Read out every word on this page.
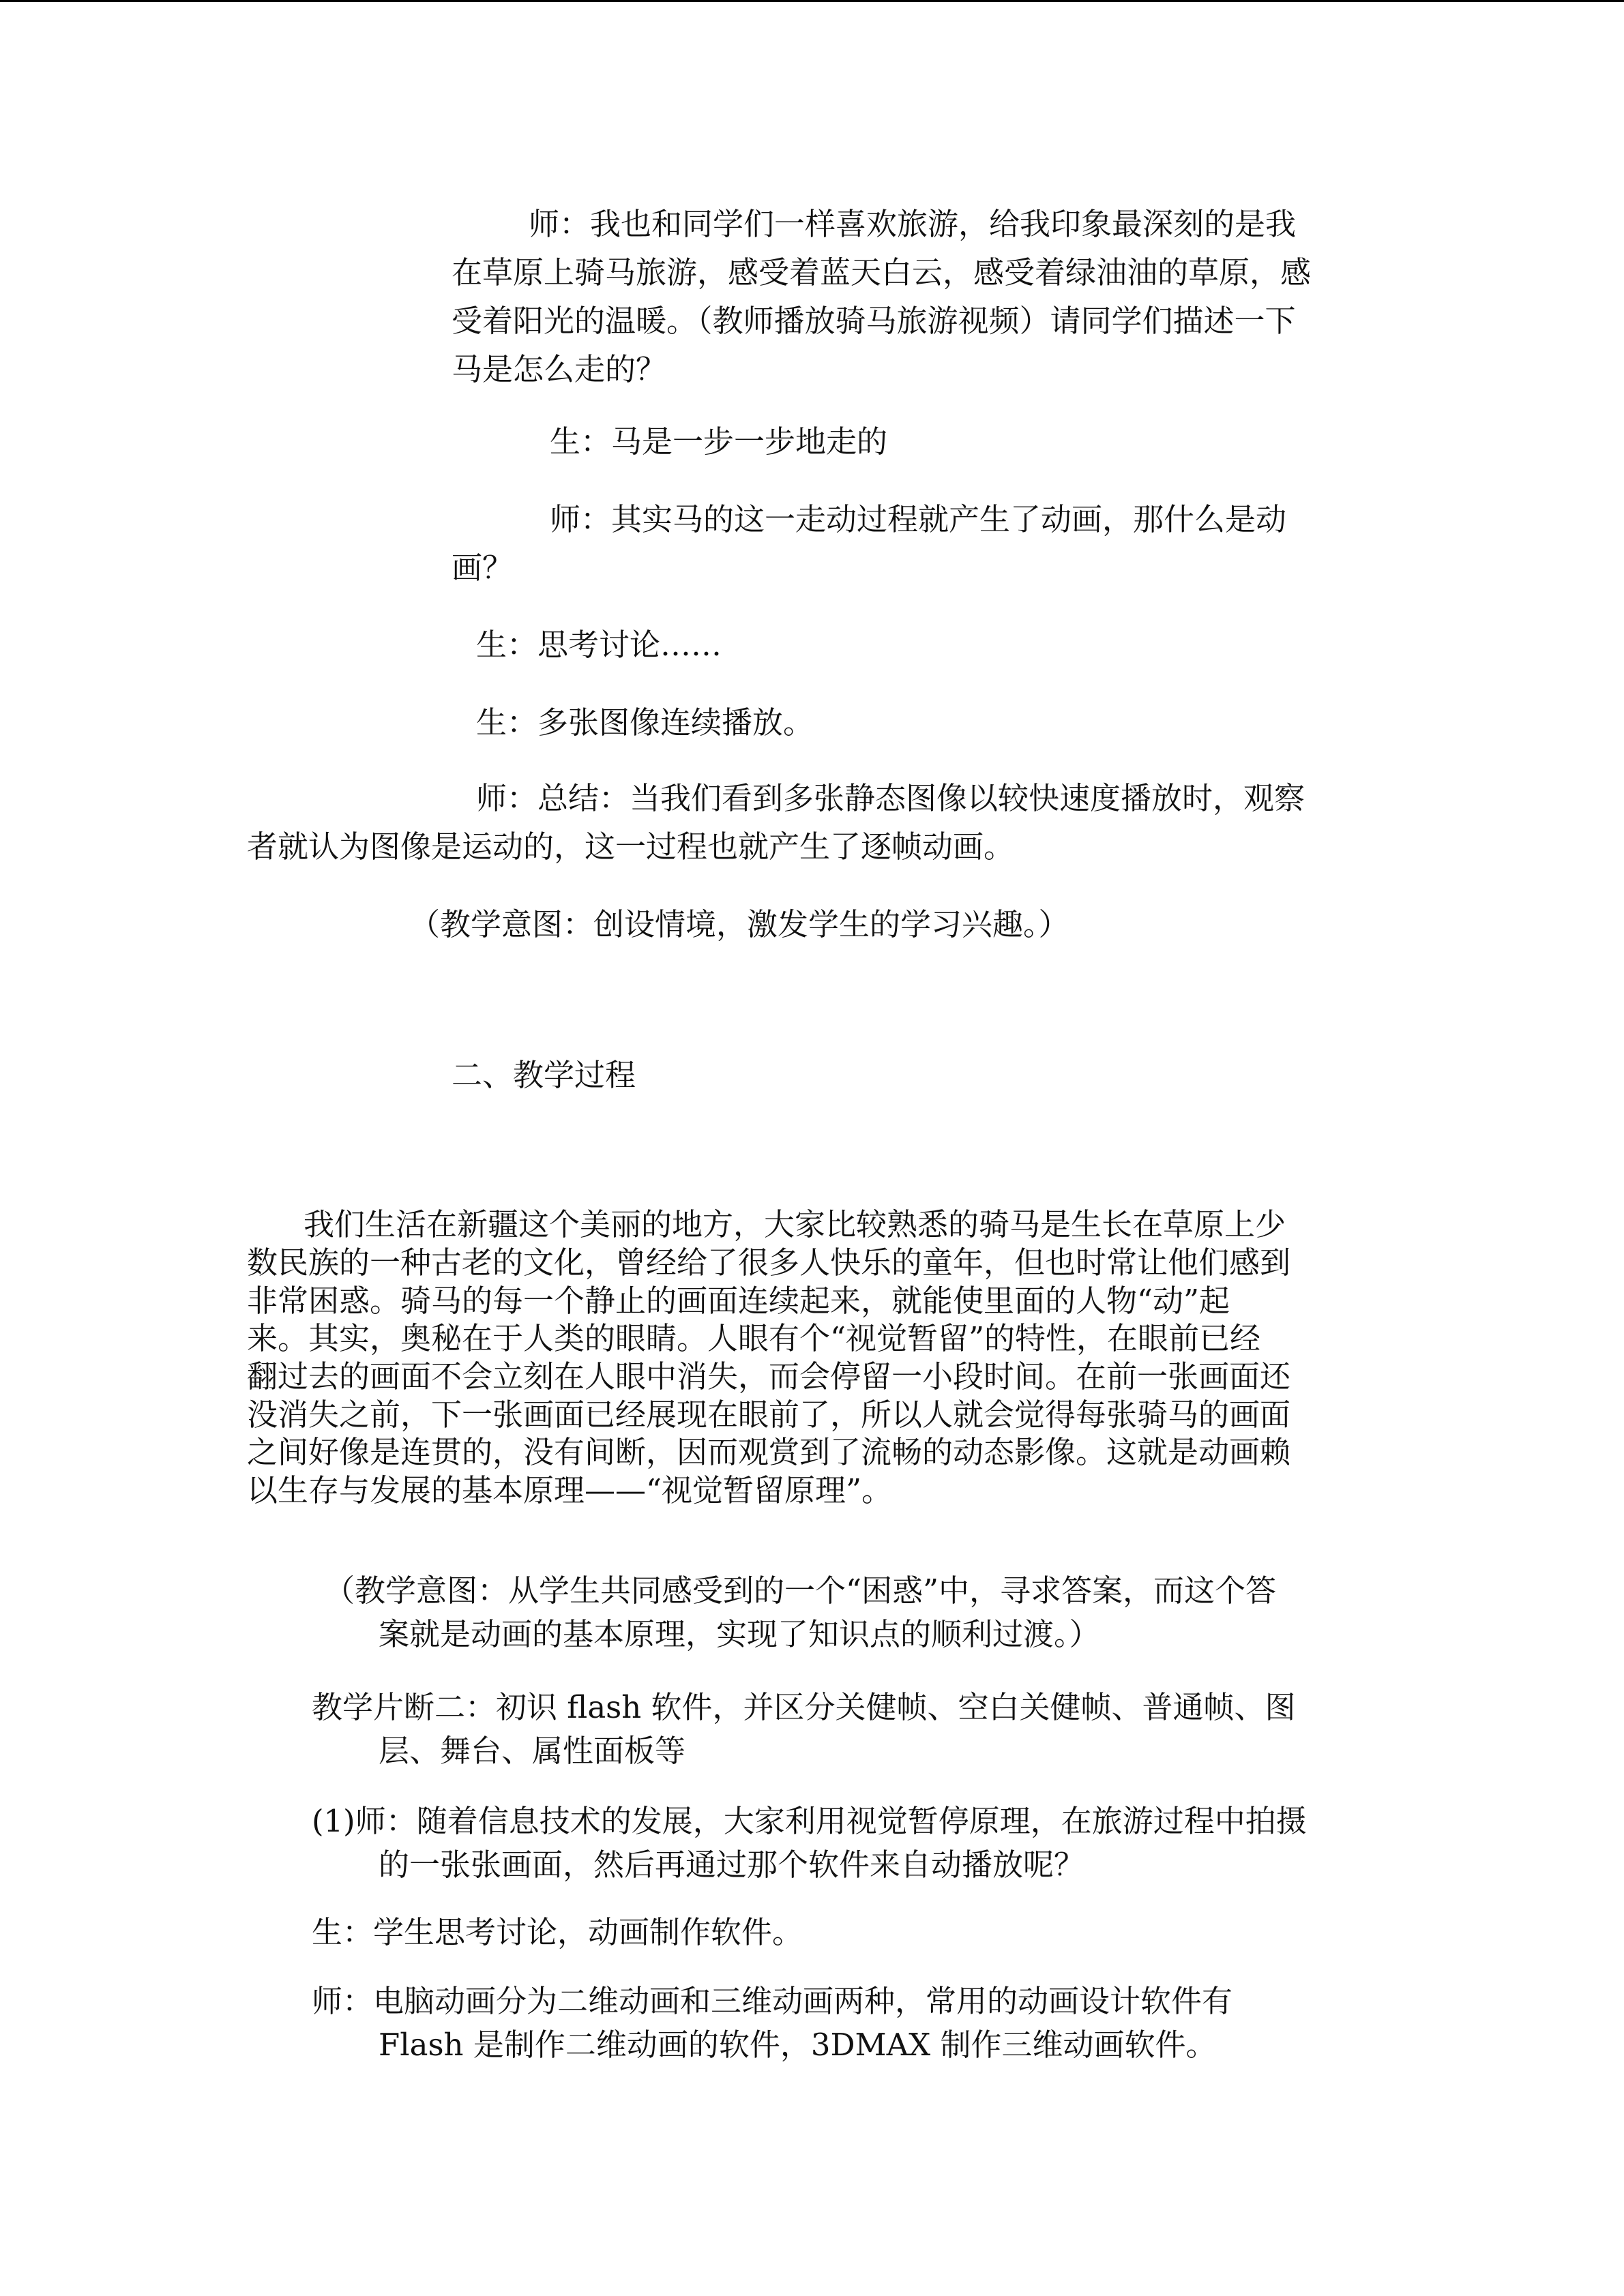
师：我也和同学们一样喜欢旅游，给我印象最深刻的是我
在草原上骑马旅游，感受着蓝天白云，感受着绿油油的草原，感
受着阳光的温暖。（教师播放骑马旅游视频）请同学们描述一下
马是怎么走的？
生：马是一步一步地走的
师：其实马的这一走动过程就产生了动画，那什么是动
画？
生：思考讨论……
生：多张图像连续播放。
师：总结：当我们看到多张静态图像以较快速度播放时，观察
者就认为图像是运动的，这一过程也就产生了逐帧动画。
（教学意图：创设情境，激发学生的学习兴趣。）
二、教学过程
我们生活在新疆这个美丽的地方，大家比较熟悉的骑马是生长在草原上少
数民族的一种古老的文化，曾经给了很多人快乐的童年，但也时常让他们感到
非常困惑。骑马的每一个静止的画面连续起来，就能使里面的人物“动”起
来。其实，奥秘在于人类的眼睛。人眼有个“视觉暂留”的特性，在眼前已经
翻过去的画面不会立刻在人眼中消失，而会停留一小段时间。在前一张画面还
没消失之前，下一张画面已经展现在眼前了，所以人就会觉得每张骑马的画面
之间好像是连贯的，没有间断，因而观赏到了流畅的动态影像。这就是动画赖
以生存与发展的基本原理——“视觉暂留原理”。
（教学意图：从学生共同感受到的一个“困惑”中，寻求答案，而这个答
案就是动画的基本原理，实现了知识点的顺利过渡。）
教学片断二：初识 flash 软件，并区分关健帧、空白关健帧、普通帧、图
层、舞台、属性面板等
(1)师：随着信息技术的发展，大家利用视觉暂停原理，在旅游过程中拍摄
的一张张画面，然后再通过那个软件来自动播放呢？
生：学生思考讨论，动画制作软件。
师：电脑动画分为二维动画和三维动画两种，常用的动画设计软件有
Flash 是制作二维动画的软件，3DMAX 制作三维动画软件。
